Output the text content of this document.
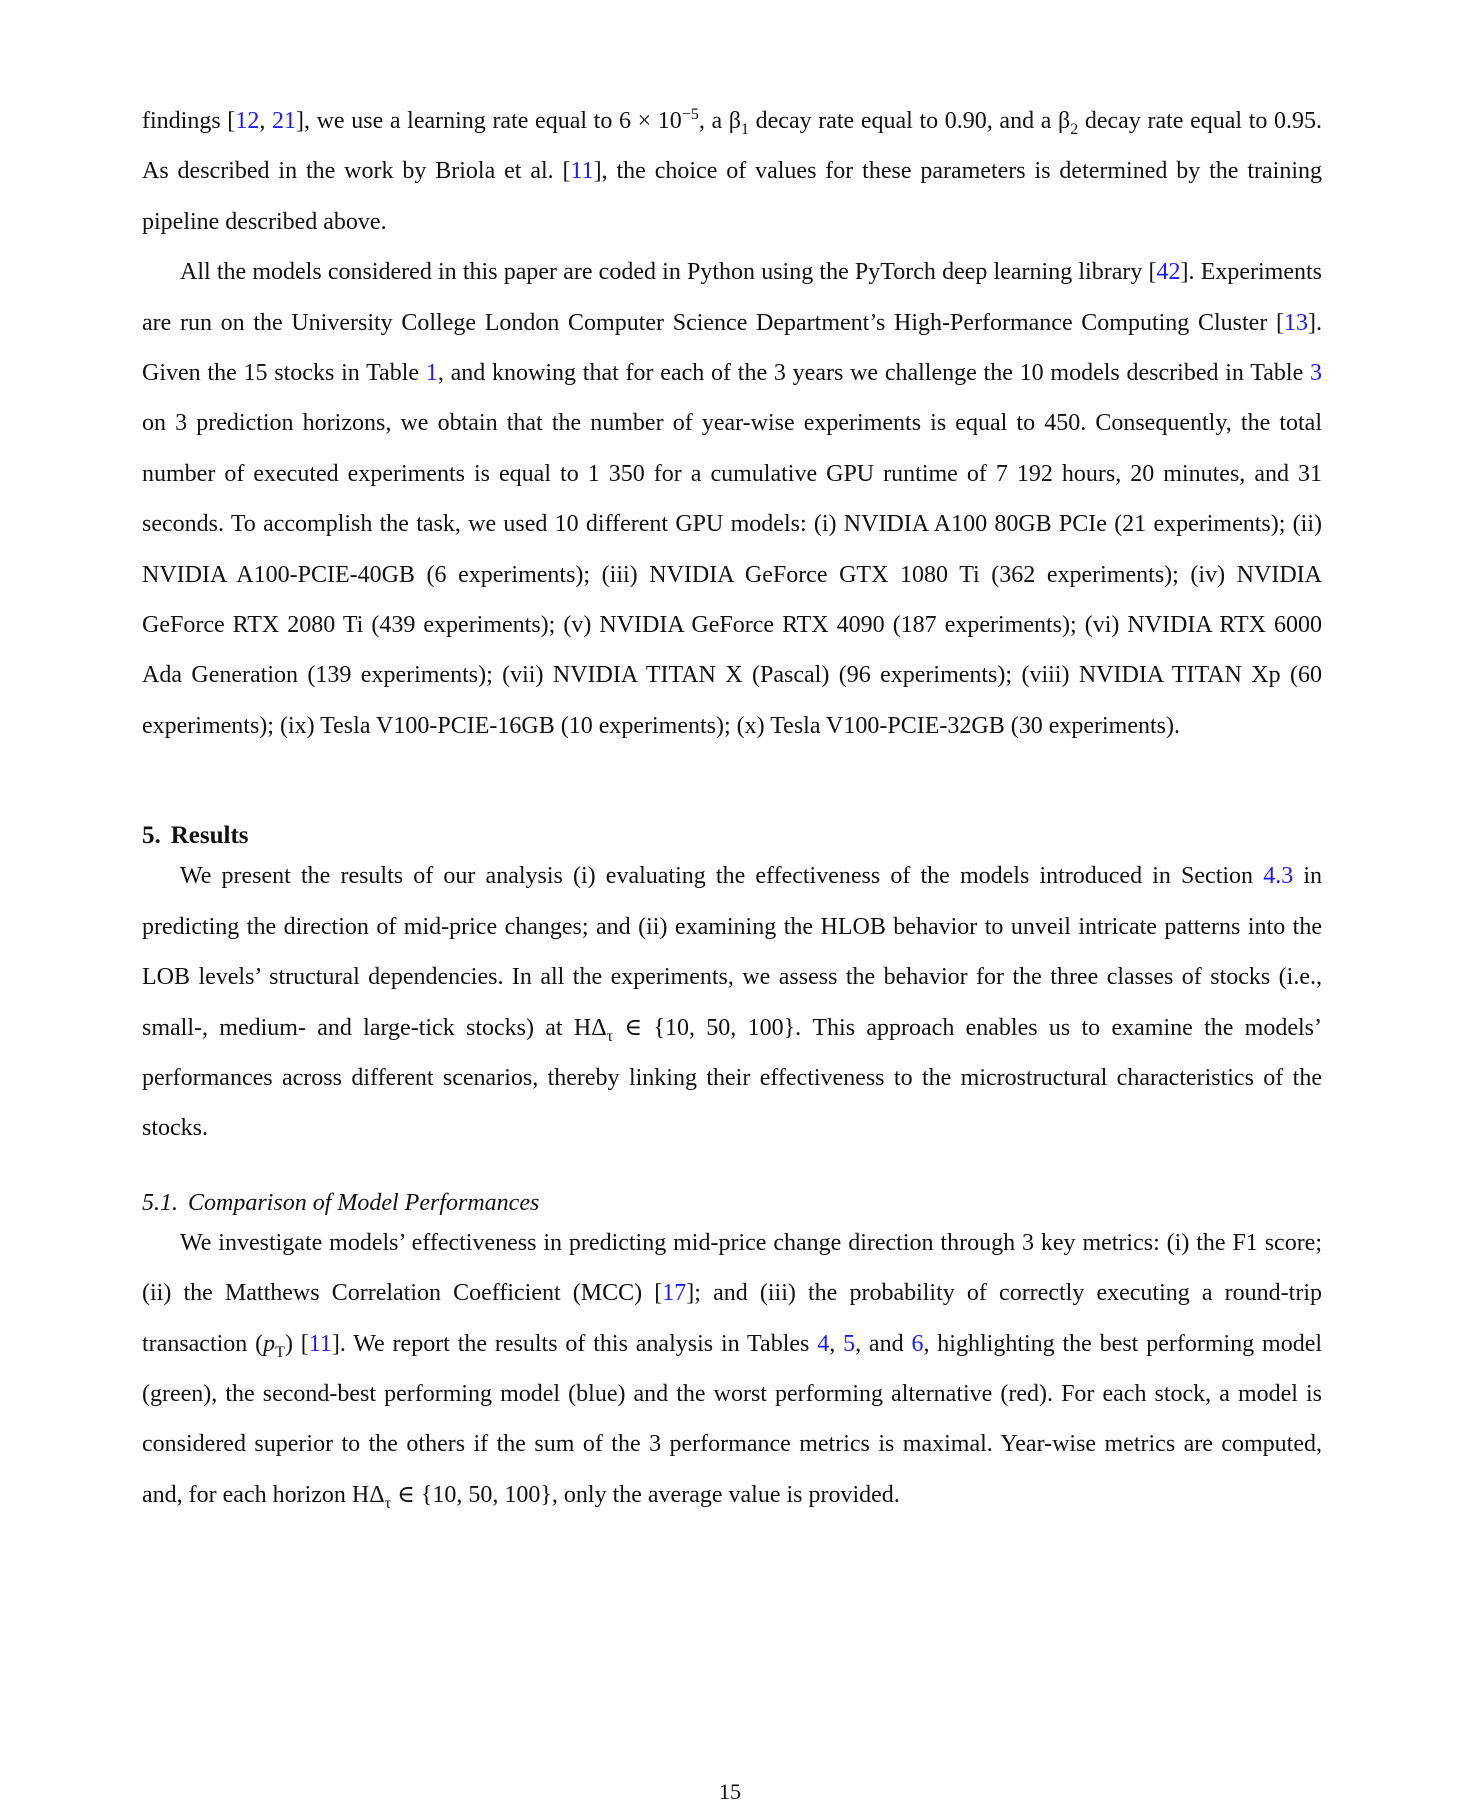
findings [12, 21], we use a learning rate equal to $6 \times 10^{-5}$, a $\beta_1$ decay rate equal to 0.90, and a $\beta_2$ decay rate equal to 0.95. As described in the work by Briola et al. [11], the choice of values for these parameters is determined by the training pipeline described above.

All the models considered in this paper are coded in Python using the PyTorch deep learning library [42]. Experiments are run on the University College London Computer Science Department’s High-Performance Computing Cluster [13]. Given the 15 stocks in Table 1, and knowing that for each of the 3 years we challenge the 10 models described in Table 3 on 3 prediction horizons, we obtain that the number of year-wise experiments is equal to 450. Consequently, the total number of executed experiments is equal to 1 350 for a cumulative GPU runtime of 7 192 hours, 20 minutes, and 31 seconds. To accomplish the task, we used 10 different GPU models: (i) NVIDIA A100 80GB PCIe (21 experiments); (ii) NVIDIA A100-PCIE-40GB (6 experiments); (iii) NVIDIA GeForce GTX 1080 Ti (362 experiments); (iv) NVIDIA GeForce RTX 2080 Ti (439 experiments); (v) NVIDIA GeForce RTX 4090 (187 experiments); (vi) NVIDIA RTX 6000 Ada Generation (139 experiments); (vii) NVIDIA TITAN X (Pascal) (96 experiments); (viii) NVIDIA TITAN Xp (60 experiments); (ix) Tesla V100-PCIE-16GB (10 experiments); (x) Tesla V100-PCIE-32GB (30 experiments).

5. Results

We present the results of our analysis (i) evaluating the effectiveness of the models introduced in Section 4.3 in predicting the direction of mid-price changes; and (ii) examining the HLOB behavior to unveil intricate patterns into the LOB levels’ structural dependencies. In all the experiments, we assess the behavior for the three classes of stocks (i.e., small-, medium- and large-tick stocks) at $H\Delta_\tau$ ∈ {10, 50, 100}. This approach enables us to examine the models’ performances across different scenarios, thereby linking their effectiveness to the microstructural characteristics of the stocks.

5.1. Comparison of Model Performances

We investigate models’ effectiveness in predicting mid-price change direction through 3 key metrics: (i) the F1 score; (ii) the Matthews Correlation Coefficient (MCC) [17]; and (iii) the probability of correctly executing a round-trip transaction $(p_T)$ [11]. We report the results of this analysis in Tables 4, 5, and 6, highlighting the best performing model (green), the second-best performing model (blue) and the worst performing alternative (red). For each stock, a model is considered superior to the others if the sum of the 3 performance metrics is maximal. Year-wise metrics are computed, and, for each horizon $H\Delta_\tau$ ∈ {10, 50, 100}, only the average value is provided.

15
